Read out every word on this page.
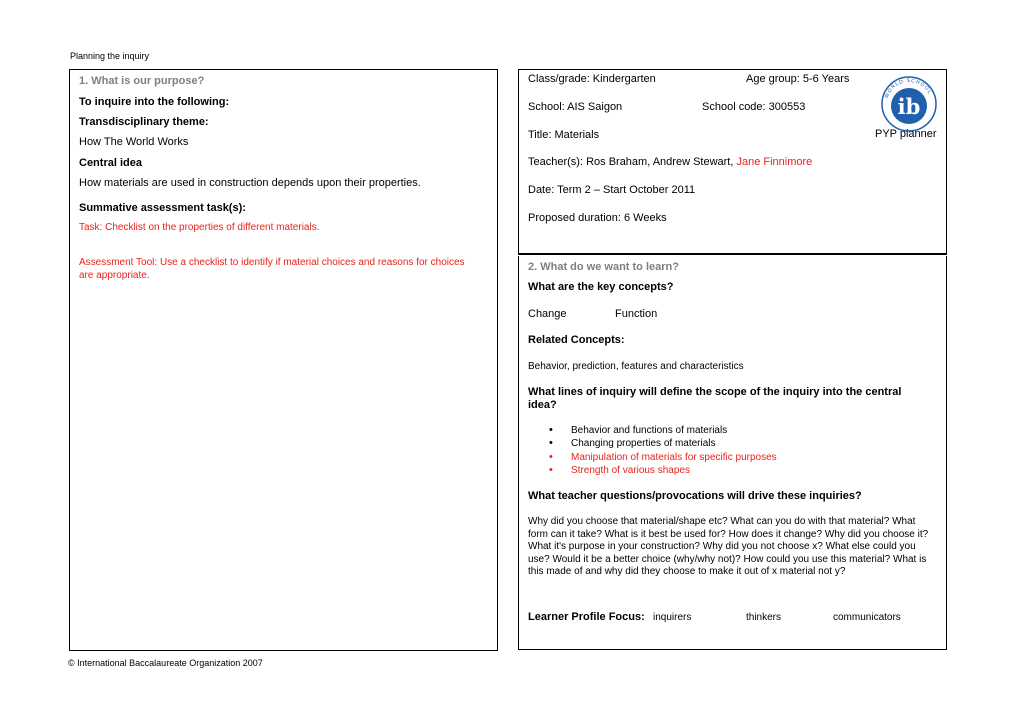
Planning the inquiry
1. What is our purpose?
To inquire into the following:
Transdisciplinary theme:
How The World Works
Central idea
How materials are used in construction depends upon their properties.
Summative assessment task(s):
Task: Checklist on the properties of different materials.
Assessment Tool: Use a checklist to identify if material choices and reasons for choices are appropriate.
Class/grade: Kindergarten	Age group: 5-6 Years
School: AIS Saigon	School code: 300553
Title: Materials	PYP planner
Teacher(s): Ros Braham, Andrew Stewart, Jane Finnimore
Date: Term 2 – Start October 2011
Proposed duration: 6 Weeks
WORLD SCHOOL
ib
2. What do we want to learn?
What are the key concepts?
Change	Function
Related Concepts:
Behavior, prediction, features and characteristics
What lines of inquiry will define the scope of the inquiry into the central idea?
• Behavior and functions of materials
• Changing properties of materials
• Manipulation of materials for specific purposes
• Strength of various shapes
What teacher questions/provocations will drive these inquiries?
Why did you choose that material/shape etc? What can you do with that material? What form can it take? What is it best be used for? How does it change? Why did you choose it? What it's purpose in your construction? Why did you not choose x? What else could you use? Would it be a better choice (why/why not)? How could you use this material? What is this made of and why did they choose to make it out of x material not y?
Learner Profile Focus: inquirers	thinkers	communicators
© International Baccalaureate Organization 2007
